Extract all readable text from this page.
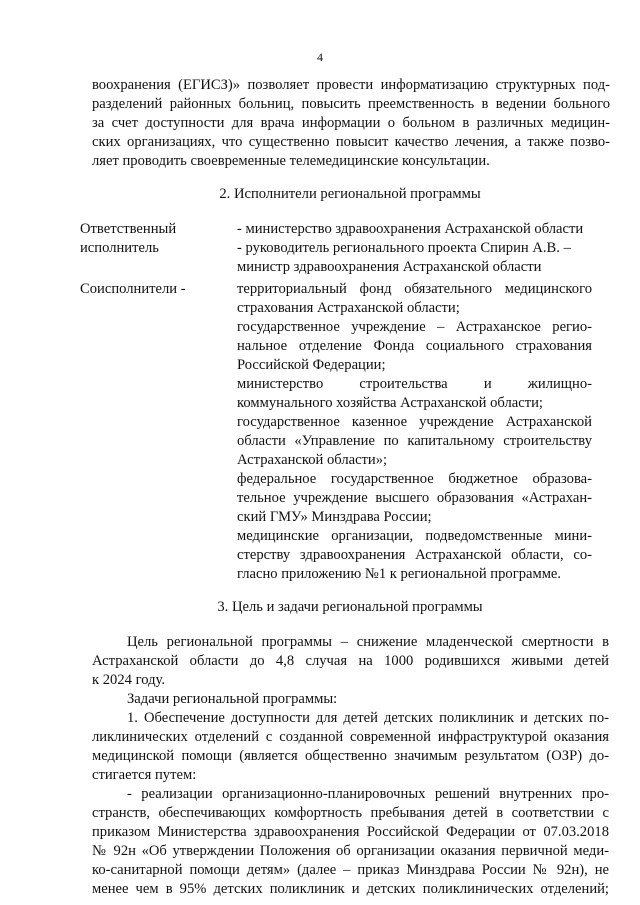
4
воохранения (ЕГИСЗ)» позволяет провести информатизацию структурных под-
разделений районных больниц, повысить преемственность в ведении больного
за счет доступности для врача информации о больном в различных медицин-
ских организациях, что существенно повысит качество лечения, а также позво-
ляет проводить своевременные телемедицинские консультации.
2. Исполнители региональной программы
Ответственный
исполнитель
- министерство здравоохранения Астраханской области
- руководитель регионального проекта Спирин А.В. –
министр здравоохранения Астраханской области
Соисполнители -	территориальный фонд обязательного медицинского
страхования Астраханской области;
государственное учреждение – Астраханское регио-
нальное отделение Фонда социального страхования
Российской Федерации;
министерство строительства и жилищно-
коммунального хозяйства Астраханской области;
государственное казенное учреждение Астраханской
области «Управление по капитальному строительству
Астраханской области»;
федеральное государственное бюджетное образова-
тельное учреждение высшего образования «Астрахан-
ский ГМУ» Минздрава России;
медицинские организации, подведомственные мини-
стерству здравоохранения Астраханской области, со-
гласно приложению №1 к региональной программе.
3. Цель и задачи региональной программы
Цель региональной программы – снижение младенческой смертности в
Астраханской области до 4,8 случая на 1000 родившихся живыми детей
к 2024 году.
Задачи региональной программы:
1. Обеспечение доступности для детей детских поликлиник и детских по-
ликлинических отделений с созданной современной инфраструктурой оказания
медицинской помощи (является общественно значимым результатом (ОЗР) до-
стигается путем:
- реализации организационно-планировочных решений внутренних про-
странств, обеспечивающих комфортность пребывания детей в соответствии с
приказом Министерства здравоохранения Российской Федерации от 07.03.2018
№ 92н «Об утверждении Положения об организации оказания первичной меди-
ко-санитарной помощи детям» (далее – приказ Минздрава России № 92н), не
менее чем в 95% детских поликлиник и детских поликлинических отделений;
